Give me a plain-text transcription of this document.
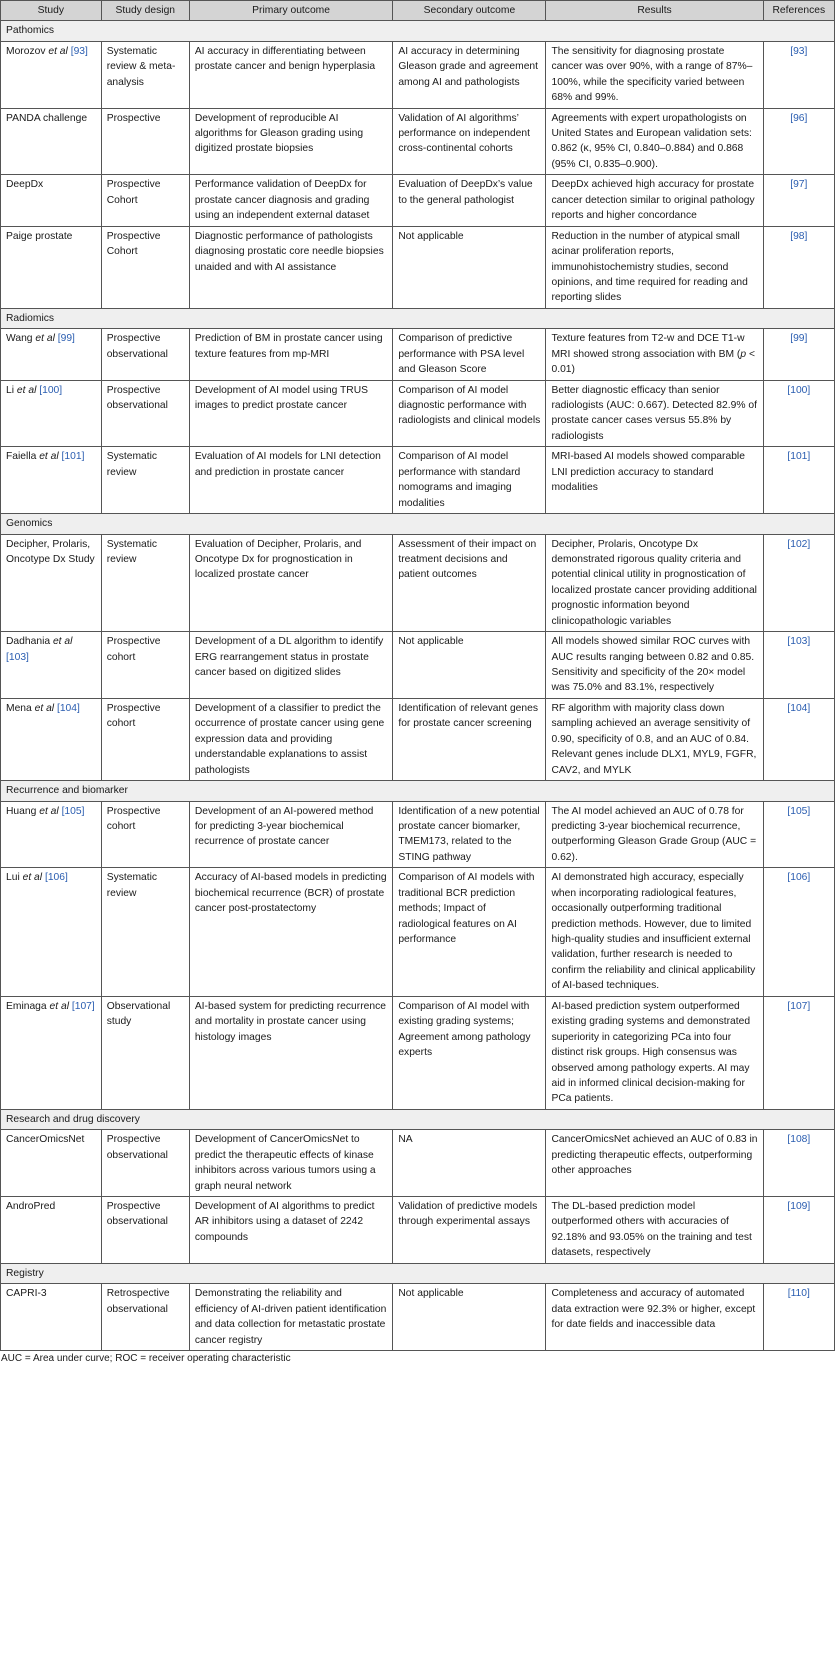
Study	Study design	Primary outcome	Secondary outcome	Results	References
Pathomics					
Morozov et al [93]	Systematic review & meta-analysis	AI accuracy in differentiating between prostate cancer and benign hyperplasia	AI accuracy in determining Gleason grade and agreement among AI and pathologists	The sensitivity for diagnosing prostate cancer was over 90%, with a range of 87%–100%, while the specificity varied between 68% and 99%.	[93]
PANDA challenge	Prospective	Development of reproducible AI algorithms for Gleason grading using digitized prostate biopsies	Validation of AI algorithms’ performance on independent cross-continental cohorts	Agreements with expert uropathologists on United States and European validation sets: 0.862 (κ, 95% CI, 0.840–0.884) and 0.868 (95% CI, 0.835–0.900).	[96]
DeepDx	Prospective Cohort	Performance validation of DeepDx for prostate cancer diagnosis and grading using an independent external dataset	Evaluation of DeepDx’s value to the general pathologist	DeepDx achieved high accuracy for prostate cancer detection similar to original pathology reports and higher concordance	[97]
Paige prostate	Prospective Cohort	Diagnostic performance of pathologists diagnosing prostatic core needle biopsies unaided and with AI assistance	Not applicable	Reduction in the number of atypical small acinar proliferation reports, immunohistochemistry studies, second opinions, and time required for reading and reporting slides	[98]
Radiomics					
Wang et al [99]	Prospective observational	Prediction of BM in prostate cancer using texture features from mp-MRI	Comparison of predictive performance with PSA level and Gleason Score	Texture features from T2-w and DCE T1-w MRI showed strong association with BM (p < 0.01)	[99]
Li et al [100]	Prospective observational	Development of AI model using TRUS images to predict prostate cancer	Comparison of AI model diagnostic performance with radiologists and clinical models	Better diagnostic efficacy than senior radiologists (AUC: 0.667). Detected 82.9% of prostate cancer cases versus 55.8% by radiologists	[100]
Faiella et al [101]	Systematic review	Evaluation of AI models for LNI detection and prediction in prostate cancer	Comparison of AI model performance with standard nomograms and imaging modalities	MRI-based AI models showed comparable LNI prediction accuracy to standard modalities	[101]
Genomics					
Decipher, Prolaris, Oncotype Dx Study	Systematic review	Evaluation of Decipher, Prolaris, and Oncotype Dx for prognostication in localized prostate cancer	Assessment of their impact on treatment decisions and patient outcomes	Decipher, Prolaris, Oncotype Dx demonstrated rigorous quality criteria and potential clinical utility in prognostication of localized prostate cancer providing additional prognostic information beyond clinicopathologic variables	[102]
Dadhania et al [103]	Prospective cohort	Development of a DL algorithm to identify ERG rearrangement status in prostate cancer based on digitized slides	Not applicable	All models showed similar ROC curves with AUC results ranging between 0.82 and 0.85. Sensitivity and specificity of the 20× model was 75.0% and 83.1%, respectively	[103]
Mena et al [104]	Prospective cohort	Development of a classifier to predict the occurrence of prostate cancer using gene expression data and providing understandable explanations to assist pathologists	Identification of relevant genes for prostate cancer screening	RF algorithm with majority class down sampling achieved an average sensitivity of 0.90, specificity of 0.8, and an AUC of 0.84. Relevant genes include DLX1, MYL9, FGFR, CAV2, and MYLK	[104]
Recurrence and biomarker					
Huang et al [105]	Prospective cohort	Development of an AI-powered method for predicting 3-year biochemical recurrence of prostate cancer	Identification of a new potential prostate cancer biomarker, TMEM173, related to the STING pathway	The AI model achieved an AUC of 0.78 for predicting 3-year biochemical recurrence, outperforming Gleason Grade Group (AUC = 0.62).	[105]
Lui et al [106]	Systematic review	Accuracy of AI-based models in predicting biochemical recurrence (BCR) of prostate cancer post-prostatectomy	Comparison of AI models with traditional BCR prediction methods; Impact of radiological features on AI performance	AI demonstrated high accuracy, especially when incorporating radiological features, occasionally outperforming traditional prediction methods. However, due to limited high-quality studies and insufficient external validation, further research is needed to confirm the reliability and clinical applicability of AI-based techniques.	[106]
Eminaga et al [107]	Observational study	AI-based system for predicting recurrence and mortality in prostate cancer using histology images	Comparison of AI model with existing grading systems; Agreement among pathology experts	AI-based prediction system outperformed existing grading systems and demonstrated superiority in categorizing PCa into four distinct risk groups. High consensus was observed among pathology experts. AI may aid in informed clinical decision-making for PCa patients.	[107]
Research and drug discovery					
CancerOmicsNet	Prospective observational	Development of CancerOmicsNet to predict the therapeutic effects of kinase inhibitors across various tumors using a graph neural network	NA	CancerOmicsNet achieved an AUC of 0.83 in predicting therapeutic effects, outperforming other approaches	[108]
AndroPred	Prospective observational	Development of AI algorithms to predict AR inhibitors using a dataset of 2242 compounds	Validation of predictive models through experimental assays	The DL-based prediction model outperformed others with accuracies of 92.18% and 93.05% on the training and test datasets, respectively	[109]
Registry					
CAPRI-3	Retrospective observational	Demonstrating the reliability and efficiency of AI-driven patient identification and data collection for metastatic prostate cancer registry	Not applicable	Completeness and accuracy of automated data extraction were 92.3% or higher, except for date fields and inaccessible data	[110]
AUC = Area under curve; ROC = receiver operating characteristic
